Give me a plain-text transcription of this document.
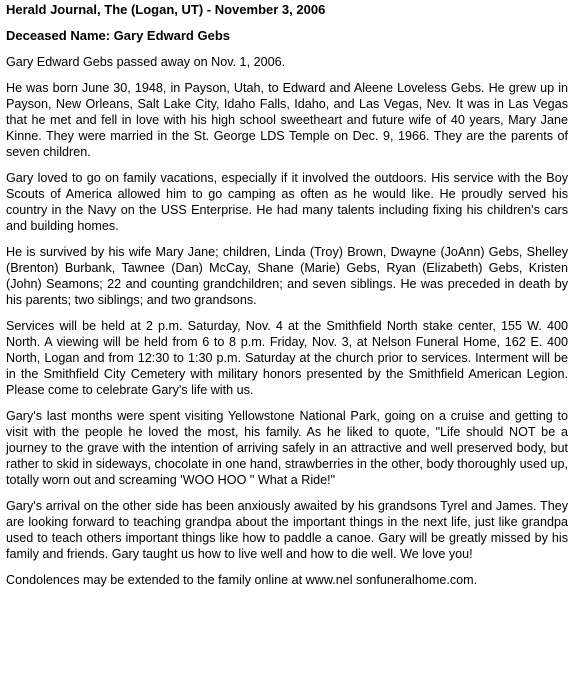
Herald Journal, The (Logan, UT) - November 3, 2006
Deceased Name: Gary Edward Gebs

Gary Edward Gebs passed away on Nov. 1, 2006.

He was born June 30, 1948, in Payson, Utah, to Edward and Aleene Loveless Gebs. He grew up in Payson, New Orleans, Salt Lake City, Idaho Falls, Idaho, and Las Vegas, Nev. It was in Las Vegas that he met and fell in love with his high school sweetheart and future wife of 40 years, Mary Jane Kinne. They were married in the St. George LDS Temple on Dec. 9, 1966. They are the parents of seven children.

Gary loved to go on family vacations, especially if it involved the outdoors. His service with the Boy Scouts of America allowed him to go camping as often as he would like. He proudly served his country in the Navy on the USS Enterprise. He had many talents including fixing his children's cars and building homes.

He is survived by his wife Mary Jane; children, Linda (Troy) Brown, Dwayne (JoAnn) Gebs, Shelley (Brenton) Burbank, Tawnee (Dan) McCay, Shane (Marie) Gebs, Ryan (Elizabeth) Gebs, Kristen (John) Seamons; 22 and counting grandchildren; and seven siblings. He was preceded in death by his parents; two siblings; and two grandsons.

Services will be held at 2 p.m. Saturday, Nov. 4 at the Smithfield North stake center, 155 W. 400 North. A viewing will be held from 6 to 8 p.m. Friday, Nov. 3, at Nelson Funeral Home, 162 E. 400 North, Logan and from 12:30 to 1:30 p.m. Saturday at the church prior to services. Interment will be in the Smithfield City Cemetery with military honors presented by the Smithfield American Legion. Please come to celebrate Gary's life with us.

Gary's last months were spent visiting Yellowstone National Park, going on a cruise and getting to visit with the people he loved the most, his family. As he liked to quote, "Life should NOT be a journey to the grave with the intention of arriving safely in an attractive and well preserved body, but rather to skid in sideways, chocolate in one hand, strawberries in the other, body thoroughly used up, totally worn out and screaming 'WOO HOO " What a Ride!"

Gary's arrival on the other side has been anxiously awaited by his grandsons Tyrel and James. They are looking forward to teaching grandpa about the important things in the next life, just like grandpa used to teach others important things like how to paddle a canoe. Gary will be greatly missed by his family and friends. Gary taught us how to live well and how to die well. We love you!

Condolences may be extended to the family online at www.nel sonfuneralhome.com.
